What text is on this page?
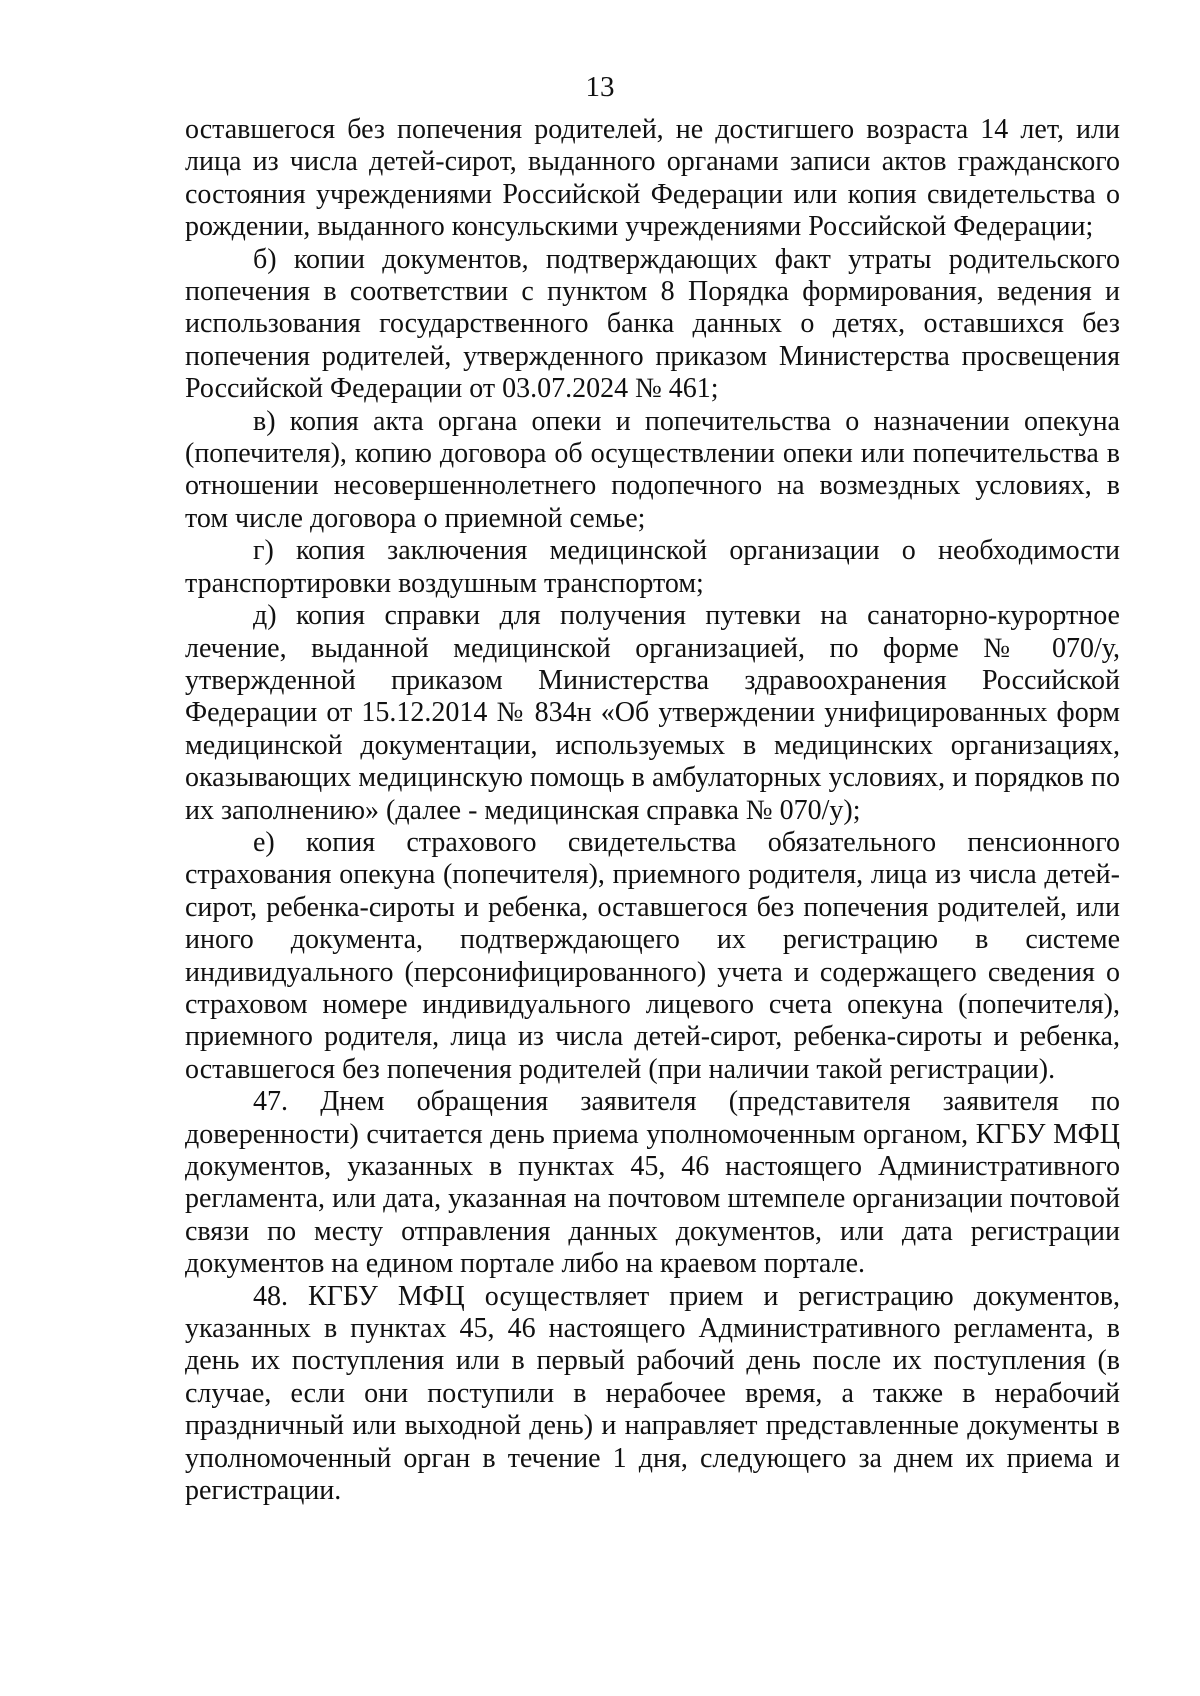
13

оставшегося без попечения родителей, не достигшего возраста 14 лет, или лица из числа детей-сирот, выданного органами записи актов гражданского состояния учреждениями Российской Федерации или копия свидетельства о рождении, выданного консульскими учреждениями Российской Федерации;

б) копии документов, подтверждающих факт утраты родительского попечения в соответствии с пунктом 8 Порядка формирования, ведения и использования государственного банка данных о детях, оставшихся без попечения родителей, утвержденного приказом Министерства просвещения Российской Федерации от 03.07.2024 № 461;

в) копия акта органа опеки и попечительства о назначении опекуна (попечителя), копию договора об осуществлении опеки или попечительства в отношении несовершеннолетнего подопечного на возмездных условиях, в том числе договора о приемной семье;

г) копия заключения медицинской организации о необходимости транспортировки воздушным транспортом;

д) копия справки для получения путевки на санаторно-курортное лечение, выданной медицинской организацией, по форме № 070/у, утвержденной приказом Министерства здравоохранения Российской Федерации от 15.12.2014 № 834н «Об утверждении унифицированных форм медицинской документации, используемых в медицинских организациях, оказывающих медицинскую помощь в амбулаторных условиях, и порядков по их заполнению» (далее - медицинская справка № 070/у);

е) копия страхового свидетельства обязательного пенсионного страхования опекуна (попечителя), приемного родителя, лица из числа детей-сирот, ребенка-сироты и ребенка, оставшегося без попечения родителей, или иного документа, подтверждающего их регистрацию в системе индивидуального (персонифицированного) учета и содержащего сведения о страховом номере индивидуального лицевого счета опекуна (попечителя), приемного родителя, лица из числа детей-сирот, ребенка-сироты и ребенка, оставшегося без попечения родителей (при наличии такой регистрации).

47. Днем обращения заявителя (представителя заявителя по доверенности) считается день приема уполномоченным органом, КГБУ МФЦ документов, указанных в пунктах 45, 46 настоящего Административного регламента, или дата, указанная на почтовом штемпеле организации почтовой связи по месту отправления данных документов, или дата регистрации документов на едином портале либо на краевом портале.

48. КГБУ МФЦ осуществляет прием и регистрацию документов, указанных в пунктах 45, 46 настоящего Административного регламента, в день их поступления или в первый рабочий день после их поступления (в случае, если они поступили в нерабочее время, а также в нерабочий праздничный или выходной день) и направляет представленные документы в уполномоченный орган в течение 1 дня, следующего за днем их приема и регистрации.
